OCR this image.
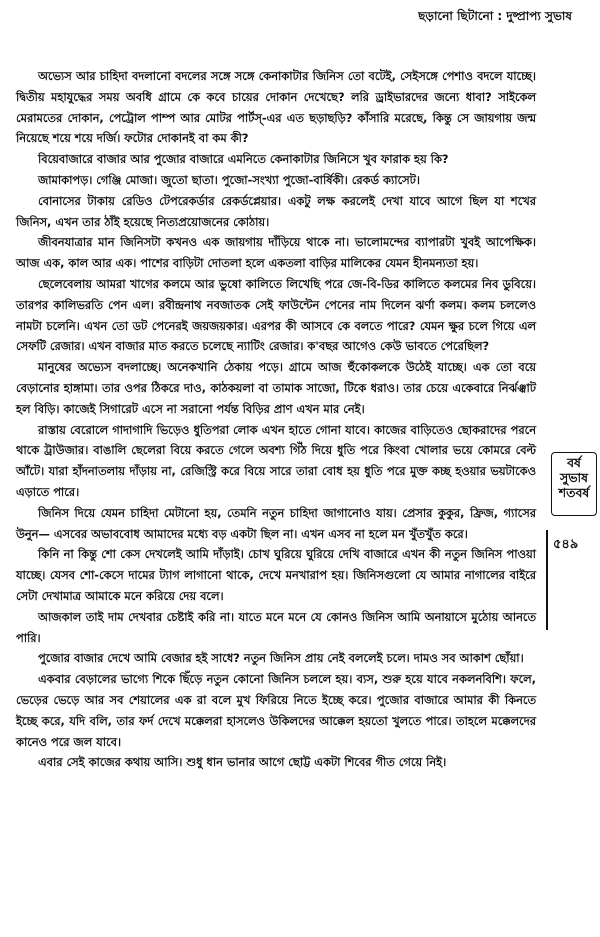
ছড়ানো ছিটানো : দুষ্প্রাপ্য সুভাষ

অভ্যেস আর চাহিদা বদলানো বদলের সঙ্গে সঙ্গে কেনাকাটার জিনিস তো বটেই, সেইসঙ্গে পেশাও বদলে যাচ্ছে। দ্বিতীয় মহাযুদ্ধের সময় অবধি গ্রামে কে কবে চায়ের দোকান দেখেছে? লরি ড্রাইভারদের জন্যে ধাবা? সাইকেল মেরামতের দোকান, পেট্রোল পাম্প আর মোটর পার্টস্-এর এত ছড়াছড়ি? কাঁসারি মরেছে, কিন্তু সে জায়গায় জন্ম নিয়েছে শয়ে শয়ে দর্জি। ফটোর দোকানই বা কম কী?

বিয়েবাজারে বাজার আর পুজোর বাজারে এমনিতে কেনাকাটার জিনিসে খুব ফারাক হয় কি?

জামাকাপড়। গেঞ্জি মোজা। জুতো ছাতা। পুজো-সংখ্যা পুজো-বার্ষিকী। রেকর্ড ক্যাসেট।

বোনাসের টাকায় রেডিও টেপরেকর্ডার রেকর্ডপ্লেয়ার। একটু লক্ষ করলেই দেখা যাবে আগে ছিল যা শখের জিনিস, এখন তার ঠাঁই হয়েছে নিত্যপ্রয়োজনের কোঠায়।

জীবনযাত্রার মান জিনিসটা কখনও এক জায়গায় দাঁড়িয়ে থাকে না। ভালোমন্দের ব্যাপারটা খুবই আপেক্ষিক। আজ এক, কাল আর এক। পাশের বাড়িটা দোতলা হলে একতলা বাড়ির মালিকের যেমন হীনমন্যতা হয়।

ছেলেবেলায় আমরা খাগের কলমে আর ভুষো কালিতে লিখেছি পরে জে-বি-ডির কালিতে কলমের নিব ডুবিয়ে। তারপর কালিভরতি পেন এল। রবীন্দ্রনাথ নবজাতক সেই ফাউন্টেন পেনের নাম দিলেন ঝর্ণা কলম। কলম চললেও নামটা চলেনি। এখন তো ডট পেনেরই জয়জয়কার। এরপর কী আসবে কে বলতে পারে? যেমন ক্ষুর চলে গিয়ে এল সেফটি রেজার। এখন বাজার মাত করতে চলেছে ন্যাটিং রেজার। ক'বছর আগেও কেউ ভাবতে পেরেছিল?

মানুষের অভ্যেস বদলাচ্ছে। অনেকখানি ঠেকায় পড়ে। গ্রামে আজ হুঁকোকলকে উঠেই যাচ্ছে। এক তো বয়ে বেড়ানোর হাঙ্গামা। তার ওপর ঠিকরে দাও, কাঠকয়লা বা তামাক সাজো, টিকে ধরাও। তার চেয়ে একেবারে নির্ঝঞ্ঝাট হল বিড়ি। কাজেই সিগারেট এসে না সরানো পর্যন্ত বিড়ির প্রাণ এখন মার নেই।

রাস্তায় বেরোলে গাদাগাদি ভিড়েও ধুতিপরা লোক এখন হাতে গোনা যাবে। কাজের বাড়িতেও ছোকরাদের পরনে থাকে ট্রাউজার। বাঙালি ছেলেরা বিয়ে করতে গেলে অবশ্য গিঁঠ দিয়ে ধুতি পরে কিংবা খোলার ভয়ে কোমরে বেল্ট আঁটে। যারা হাঁদনাতলায় দাঁড়ায় না, রেজিস্ট্রি করে বিয়ে সারে তারা বোধ হয় ধুতি পরে মুক্ত কচ্ছ হওয়ার ভয়টাকেও এড়াতে পারে।

জিনিস দিয়ে যেমন চাহিদা মেটানো হয়, তেমনি নতুন চাহিদা জাগানোও যায়। প্রেসার কুকুর, ফ্রিজ, গ্যাসের উনুন— এসবের অভাববোধ আমাদের মধ্যে বড় একটা ছিল না। এখন এসব না হলে মন খুঁতখুঁত করে।

কিনি না কিন্তু শো কেস দেখলেই আমি দাঁড়াই। চোখ ঘুরিয়ে ঘুরিয়ে দেখি বাজারে এখন কী নতুন জিনিস পাওয়া যাচ্ছে। যেসব শো-কেসে দামের ট্যাগ লাগানো থাকে, দেখে মনখারাপ হয়। জিনিসগুলো যে আমার নাগালের বাইরে সেটা দেখামাত্র আমাকে মনে করিয়ে দেয় বলে।

আজকাল তাই দাম দেখবার চেষ্টাই করি না। যাতে মনে মনে যে কোনও জিনিস আমি অনায়াসে মুঠোয় আনতে পারি।

পুজোর বাজার দেখে আমি বেজার হই সাধে? নতুন জিনিস প্রায় নেই বললেই চলে। দামও সব আকাশ ছোঁয়া।

একবার বেড়ালের ভাগ্যে শিকে ছিঁড়ে নতুন কোনো জিনিস চললে হয়। ব্যস, শুরু হয়ে যাবে নকলনবিশি। ফলে, ভেড়ের ভেড়ে আর সব শেয়ালের এক রা বলে মুখ ফিরিয়ে নিতে ইচ্ছে করে। পুজোর বাজারে আমার কী কিনতে ইচ্ছে করে, যদি বলি, তার ফর্দ দেখে মক্কেলরা হাসলেও উকিলদের আক্কেল হয়তো খুলতে পারে। তাহলে মক্কেলদের কানেও পরে জল যাবে।

এবার সেই কাজের কথায় আসি। শুধু ধান ভানার আগে ছোট্ট একটা শিবের গীত গেয়ে নিই।

বর্ষ
সুভাষ
শতবর্ষ
৫৪৯
